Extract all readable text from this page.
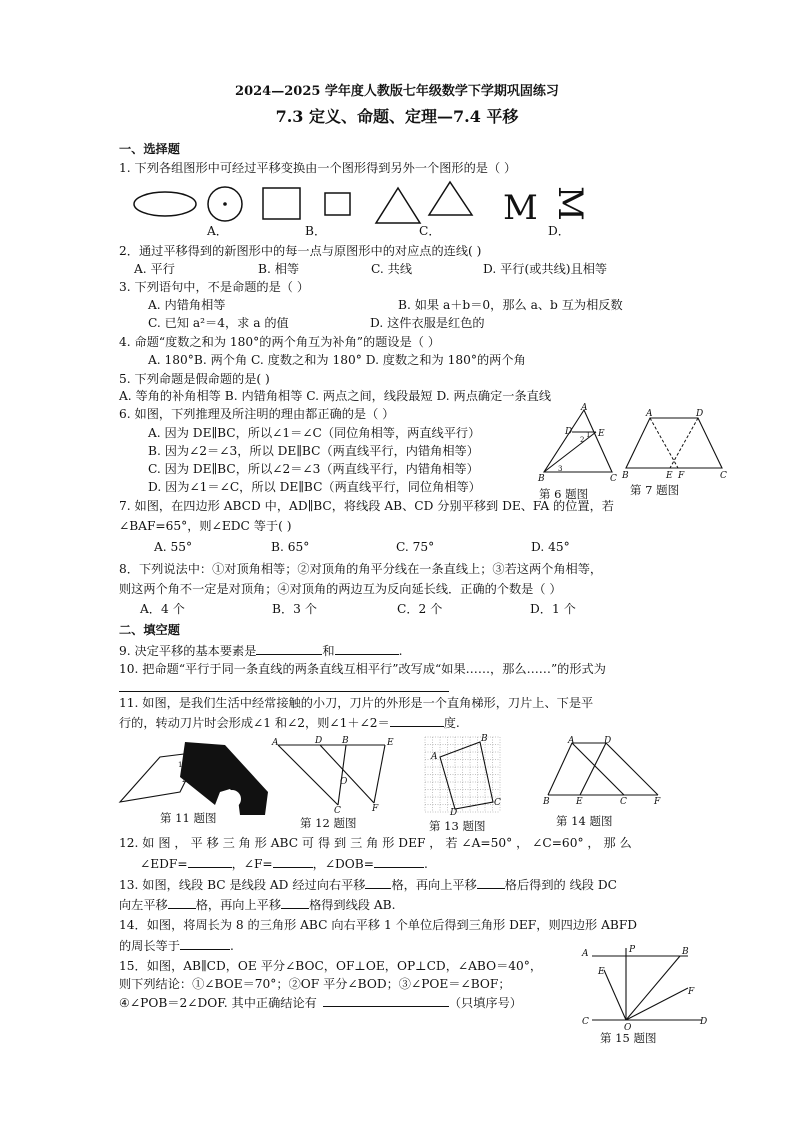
2024—2025 学年度人教版七年级数学下学期巩固练习
7.3 定义、命题、定理—7.4 平移
一、选择题
1. 下列各组图形中可经过平移变换由一个图形得到另外一个图形的是（ ）
M M
A．	B．	C．	D．
2．通过平移得到的新图形中的每一点与原图形中的对应点的连线( )
A. 平行	B. 相等	C. 共线	D. 平行(或共线)且相等
3. 下列语句中，不是命题的是（ ）
A. 内错角相等	B. 如果 a＋b＝0，那么 a、b 互为相反数
C. 已知 a²＝4，求 a 的值	D. 这件衣服是红色的
4. 命题“度数之和为 180°的两个角互为补角”的题设是（ ）
A. 180°B. 两个角 C. 度数之和为 180° D. 度数之和为 180°的两个角
5. 下列命题是假命题的是( )
A. 等角的补角相等 B. 内错角相等 C. 两点之间，线段最短 D. 两点确定一条直线
6. 如图，下列推理及所注明的理由都正确的是（ ）
A. 因为 DE∥BC，所以∠1＝∠C（同位角相等，两直线平行）
B. 因为∠2＝∠3，所以 DE∥BC（两直线平行，内错角相等）
C. 因为 DE∥BC，所以∠2＝∠3（两直线平行，内错角相等）
D. 因为∠1＝∠C，所以 DE∥BC（两直线平行，同位角相等）
A
D	E
B	C
1
2
3
第 6 题图
A	D
B	E F	C
第 7 题图
7. 如图，在四边形 ABCD 中，AD∥BC，将线段 AB、CD 分别平移到 DE、FA 的位置，若
∠BAF=65°，则∠EDC 等于( )
A. 55°	B. 65°	C. 75°	D. 45°
8．下列说法中：①对顶角相等；②对顶角的角平分线在一条直线上；③若这两个角相等，
则这两个角不一定是对顶角；④对顶角的两边互为反向延长线．正确的个数是（ ）
A．4 个	B．3 个	C．2 个	D．1 个
二、填空题
9. 决定平移的基本要素是	和	.
10. 把命题“平行于同一条直线的两条直线互相平行”改写成“如果……，那么……”的形式为
11. 如图，是我们生活中经常接触的小刀，刀片的外形是一个直角梯形，刀片上、下是平
行的，转动刀片时会形成∠1 和∠2，则∠1＋∠2＝	度.
1
2
第 11 题图
A	D B	E
O
C	F
第 12 题图
A
B
C
D
第 13 题图
A	D
B	E	C	F
第 14 题图
12. 如 图 ， 平 移 三 角 形 ABC 可 得 到 三 角 形 DEF ， 若 ∠A=50° ， ∠C=60° ， 那 么
∠EDF=	，∠F=	，∠DOB=	.
13. 如图，线段 BC 是线段 AD 经过向右平移 格，再向上平移 格后得到的 线段 DC
向左平移 格，再向上平移 格得到线段 AB.
14．如图，将周长为 8 的三角形 ABC 向右平移 1 个单位后得到三角形 DEF，则四边形 ABFD
的周长等于	.
15．如图，AB∥CD，OE 平分∠BOC，OF⊥OE，OP⊥CD，∠ABO＝40°，
则下列结论：①∠BOE＝70°；②OF 平分∠BOD；③∠POE＝∠BOF；
④∠POB＝2∠DOF. 其中正确结论有	（只填序号）
A	P	B
E
F
C
O
D
第 15 题图
